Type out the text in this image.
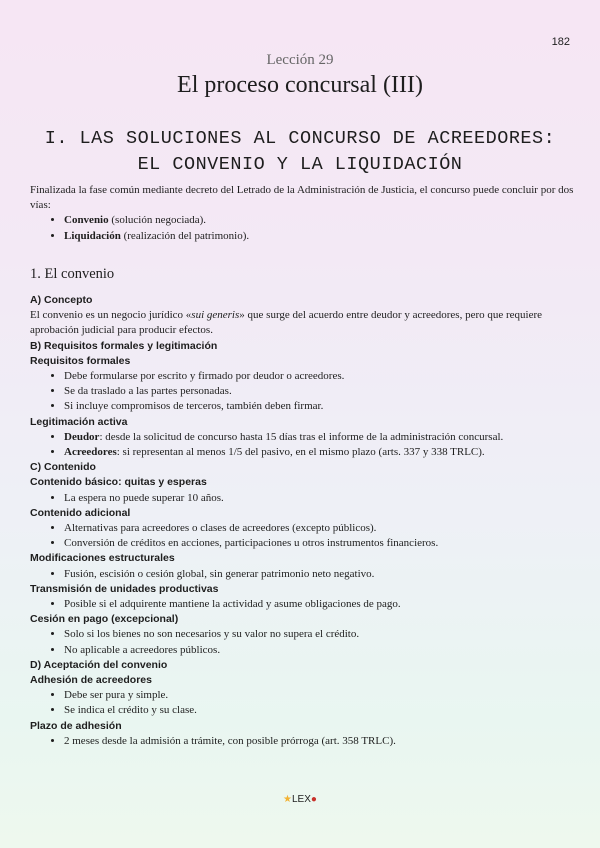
182
Lección 29
El proceso concursal (III)
I. LAS SOLUCIONES AL CONCURSO DE ACREEDORES:
EL CONVENIO Y LA LIQUIDACIÓN

Finalizada la fase común mediante decreto del Letrado de la Administración de Justicia, el concurso puede concluir por dos vías:

• Convenio (solución negociada).
• Liquidación (realización del patrimonio).
1. El convenio

A) Concepto

El convenio es un negocio jurídico «sui generis» que surge del acuerdo entre deudor y acreedores, pero que requiere aprobación judicial para producir efectos.

B) Requisitos formales y legitimación

Requisitos formales

• Debe formularse por escrito y firmado por deudor o acreedores.
• Se da traslado a las partes personadas.
• Si incluye compromisos de terceros, también deben firmar.

Legitimación activa

• Deudor: desde la solicitud de concurso hasta 15 días tras el informe de la administración concursal.
• Acreedores: si representan al menos 1/5 del pasivo, en el mismo plazo (arts. 337 y 338 TRLC).

C) Contenido

Contenido básico: quitas y esperas

• La espera no puede superar 10 años.

Contenido adicional

• Alternativas para acreedores o clases de acreedores (excepto públicos).
• Conversión de créditos en acciones, participaciones u otros instrumentos financieros.

Modificaciones estructurales

• Fusión, escisión o cesión global, sin generar patrimonio neto negativo.

Transmisión de unidades productivas

• Posible si el adquirente mantiene la actividad y asume obligaciones de pago.

Cesión en pago (excepcional)

• Solo si los bienes no son necesarios y su valor no supera el crédito.
• No aplicable a acreedores públicos.

D) Aceptación del convenio

Adhesión de acreedores

• Debe ser pura y simple.
• Se indica el crédito y su clase.

Plazo de adhesión

• 2 meses desde la admisión a trámite, con posible prórroga (art. 358 TRLC).
★LEX●
